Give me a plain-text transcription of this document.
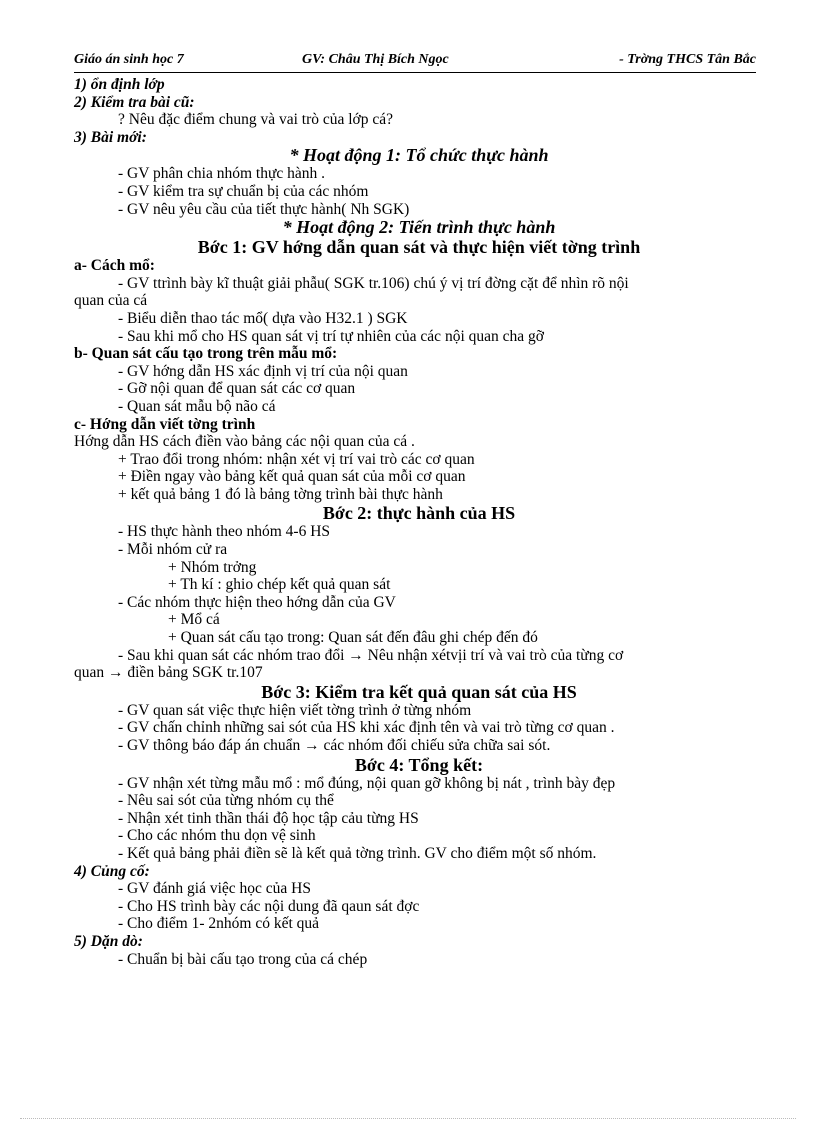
Giáo án sinh học 7	GV: Châu Thị Bích Ngọc	- Trờng THCS Tân Bắc
1) ổn định lớp
2) Kiểm tra bài cũ:
? Nêu đặc điểm chung và vai trò của lớp cá?
3) Bài mới:
* Hoạt động 1: Tổ chức thực hành
- GV phân chia nhóm thực hành .
- GV kiểm tra sự chuẩn bị của các nhóm
- GV nêu yêu cầu của tiết thực hành( Nh SGK)
* Hoạt động 2: Tiến trình thực hành
Bớc 1: GV hớng dẫn quan sát và thực hiện viết tờng trình
a- Cách mổ:
- GV ttrình bày kĩ thuật giải phẫu( SGK tr.106) chú ý vị trí đờng cặt để nhìn rõ nội
quan của cá
- Biểu diễn thao tác mổ( dựa vào H32.1 ) SGK
- Sau khi mổ cho HS quan sát vị trí tự nhiên của các nội quan cha gỡ
b- Quan sát cấu tạo trong trên mẫu mổ:
- GV hớng dẫn HS xác định vị trí của nội quan
- Gỡ nội quan để quan sát các cơ quan
- Quan sát mẫu bộ não cá
c- Hớng dẫn viết tờng trình
Hớng dẫn HS cách điền vào bảng các nội quan của cá .
+ Trao đổi trong nhóm: nhận xét vị trí vai trò các cơ quan
+ Điền ngay vào bảng kết quả quan sát của mỗi cơ quan
+ kết quả bảng 1 đó là bảng tờng trình bài thực hành
Bớc 2: thực hành của HS
- HS thực hành theo nhóm 4-6 HS
- Mỗi nhóm cử ra
+ Nhóm trởng
+ Th kí : ghio chép kết quả quan sát
- Các nhóm thực hiện theo hớng dẫn của GV
+ Mổ cá
+ Quan sát cấu tạo trong: Quan sát đến đâu ghi chép đến đó
- Sau khi quan sát các nhóm trao đổi → Nêu nhận xétvịi trí và vai trò của từng cơ
quan → điền bảng SGK tr.107
Bớc 3: Kiểm tra kết quả quan sát của HS
- GV quan sát việc thực hiện viết tờng trình ở từng nhóm
- GV chấn chỉnh những sai sót của HS khi xác định tên và vai trò từng cơ quan .
- GV thông báo đáp án chuẩn → các nhóm đối chiếu sửa chữa sai sót.
Bớc 4: Tổng kết:
- GV nhận xét từng mẫu mổ : mổ đúng, nội quan gỡ không bị nát , trình bày đẹp
- Nêu sai sót của từng nhóm cụ thể
- Nhận xét tinh thần thái độ học tập cảu từng HS
- Cho các nhóm thu dọn vệ sinh
- Kết quả bảng phải điền sẽ là kết quả tờng trình. GV cho điểm một số nhóm.
4) Củng cố:
- GV đánh giá việc học của HS
- Cho HS trình bày các nội dung đã qaun sát đợc
- Cho điểm 1- 2nhóm có kết quả
5) Dặn dò:
- Chuẩn bị bài cấu tạo trong của cá chép
